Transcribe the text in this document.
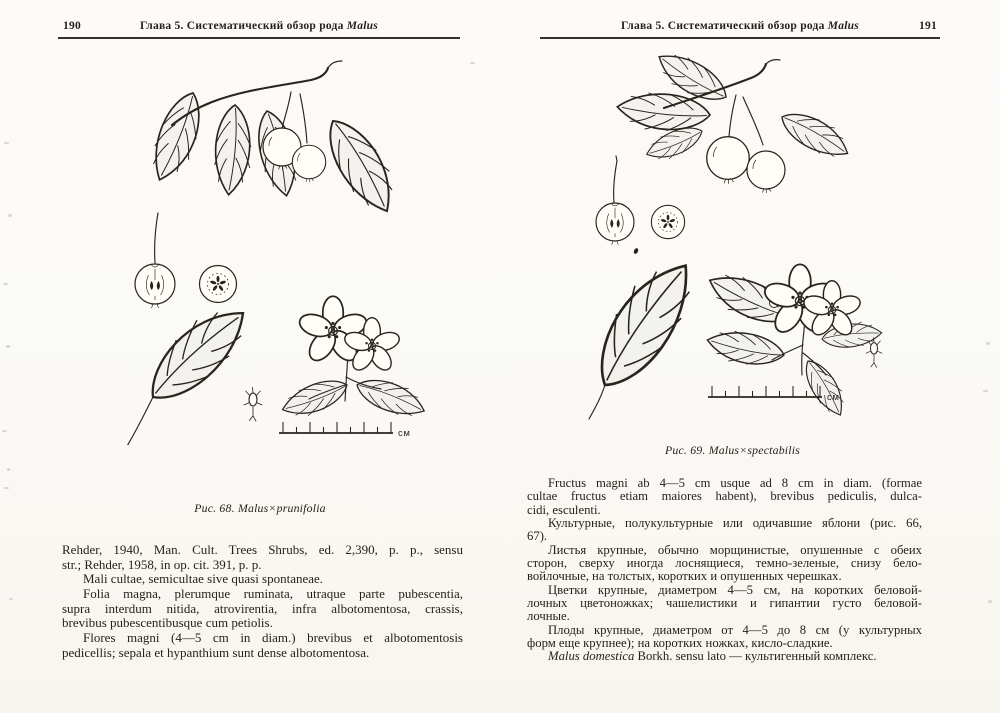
190	Глава 5. Систематический обзор рода Malus	191
Глава 5. Систематический обзор рода Malus
см
см
Рис. 68. Malus×prunifolia
Рис. 69. Malus×spectabilis
Rehder, 1940, Man. Cult. Trees Shrubs, ed. 2,390, p. p., sensu
str.; Rehder, 1958, in op. cit. 391, p. p.
Mali cultae, semicultae sive quasi spontaneae.
Folia magna, plerumque ruminata, utraque parte pubescentia,
supra interdum nitida, atrovirentia, infra albotomentosa, crassis,
brevibus pubescentibusque cum petiolis.
Flores magni (4—5 cm in diam.) brevibus et albotomentosis
pedicellis; sepala et hypanthium sunt dense albotomentosa.
Fructus magni ab 4—5 cm usque ad 8 cm in diam. (formae
cultae fructus etiam maiores habent), brevibus pediculis, dulca-
cidi, esculenti.
Культурные, полукультурные или одичавшие яблони (рис. 66,
67).
Листья крупные, обычно морщинистые, опушенные с обеих
сторон, сверху иногда лоснящиеся, темно-зеленые, снизу бело-
войлочные, на толстых, коротких и опушенных черешках.
Цветки крупные, диаметром 4—5 см, на коротких беловой-
лочных цветоножках; чашелистики и гипантии густо беловой-
лочные.
Плоды крупные, диаметром от 4—5 до 8 см (у культурных
форм еще крупнее); на коротких ножках, кисло-сладкие.
Malus domestica Borkh. sensu lato — культигенный комплекс.
